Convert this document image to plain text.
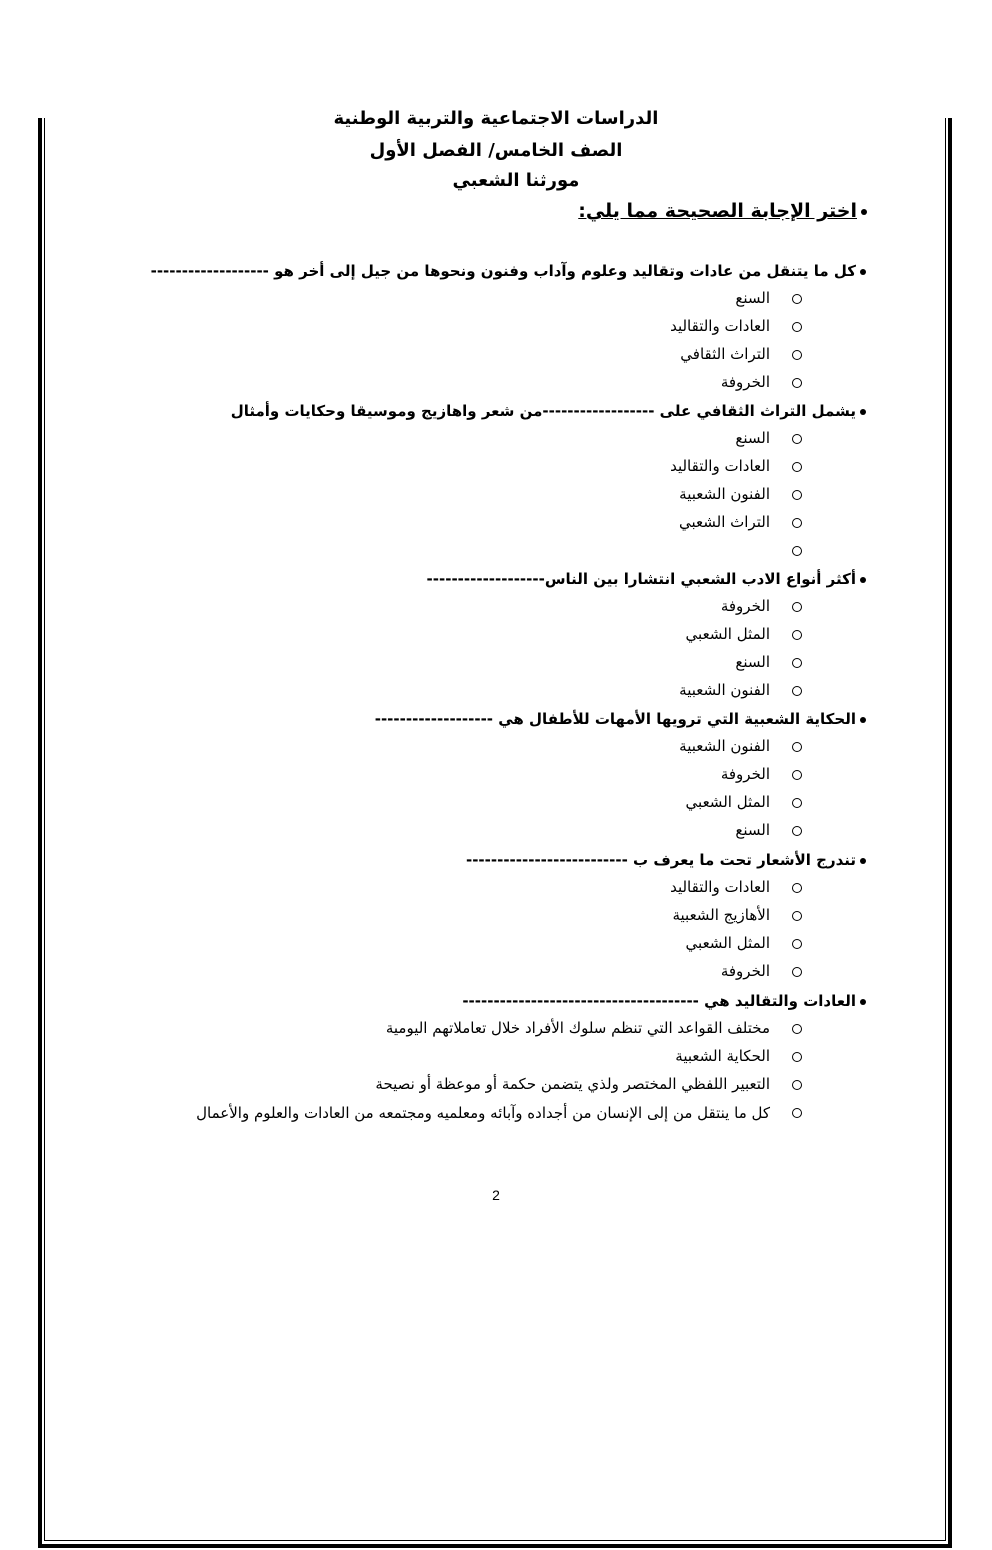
الدراسات الاجتماعية والتربية الوطنية
الصف الخامس/ الفصل الأول
مورثنا الشعبي
اختر الإجابة الصحيحة مما يلي:
كل ما يتنقل من عادات وتقاليد وعلوم وآداب وفنون ونحوها من جيل إلى أخر هو -------------------
السنع
العادات والتقاليد
التراث الثقافي
الخروفة
يشمل التراث الثقافي على ------------------من شعر واهازيج وموسيقا وحكايات وأمثال
السنع
العادات والتقاليد
الفنون الشعبية
التراث الشعبي
أكثر أنواع الادب الشعبي انتشارا بين الناس-------------------
الخروفة
المثل الشعبي
السنع
الفنون الشعبية
الحكاية الشعبية التي ترويها الأمهات للأطفال هي -------------------
الفنون الشعبية
الخروفة
المثل الشعبي
السنع
تندرج الأشعار تحت ما يعرف ب --------------------------
العادات والتقاليد
الأهازيج الشعبية
المثل الشعبي
الخروفة
العادات والتقاليد هي --------------------------------------
مختلف القواعد التي تنظم سلوك الأفراد خلال تعاملاتهم اليومية
الحكاية الشعبية
التعبير اللفظي المختصر ولذي يتضمن حكمة أو موعظة أو نصيحة
كل ما ينتقل من إلى الإنسان من أجداده وآبائه ومعلميه ومجتمعه من العادات والعلوم والأعمال
2
